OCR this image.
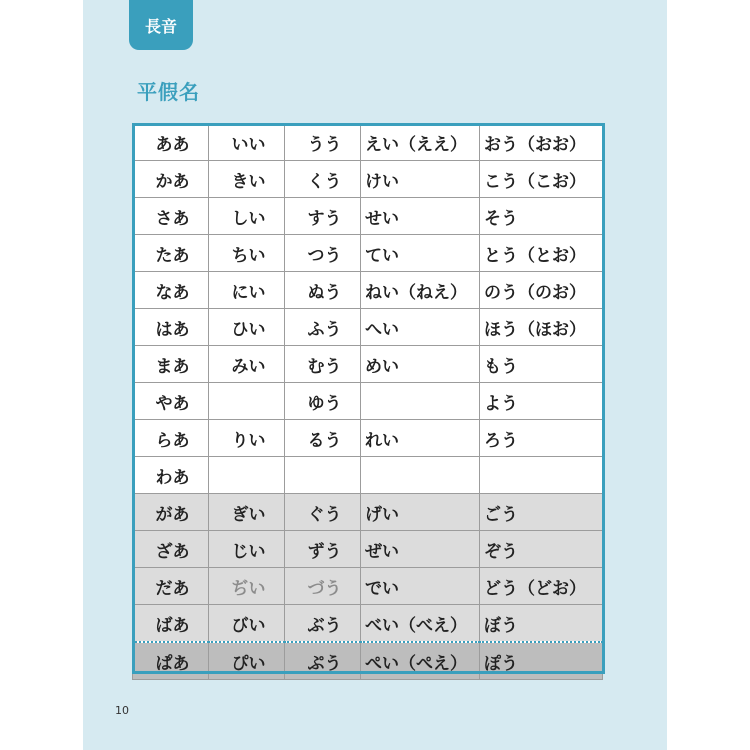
長音
平假名
ああ	いい	うう	えい（ええ）	おう（おお）
かあ	きい	くう	けい	こう（こお）
さあ	しい	すう	せい	そう
たあ	ちい	つう	てい	とう（とお）
なあ	にい	ぬう	ねい（ねえ）	のう（のお）
はあ	ひい	ふう	へい	ほう（ほお）
まあ	みい	むう	めい	もう
やあ		ゆう		よう
らあ	りい	るう	れい	ろう
わあ				
があ	ぎい	ぐう	げい	ごう
ざあ	じい	ずう	ぜい	ぞう
だあ	ぢい	づう	でい	どう（どお）
ばあ	びい	ぶう	べい（べえ）	ぼう
ぱあ	ぴい	ぷう	ぺい（ぺえ）	ぽう
10
